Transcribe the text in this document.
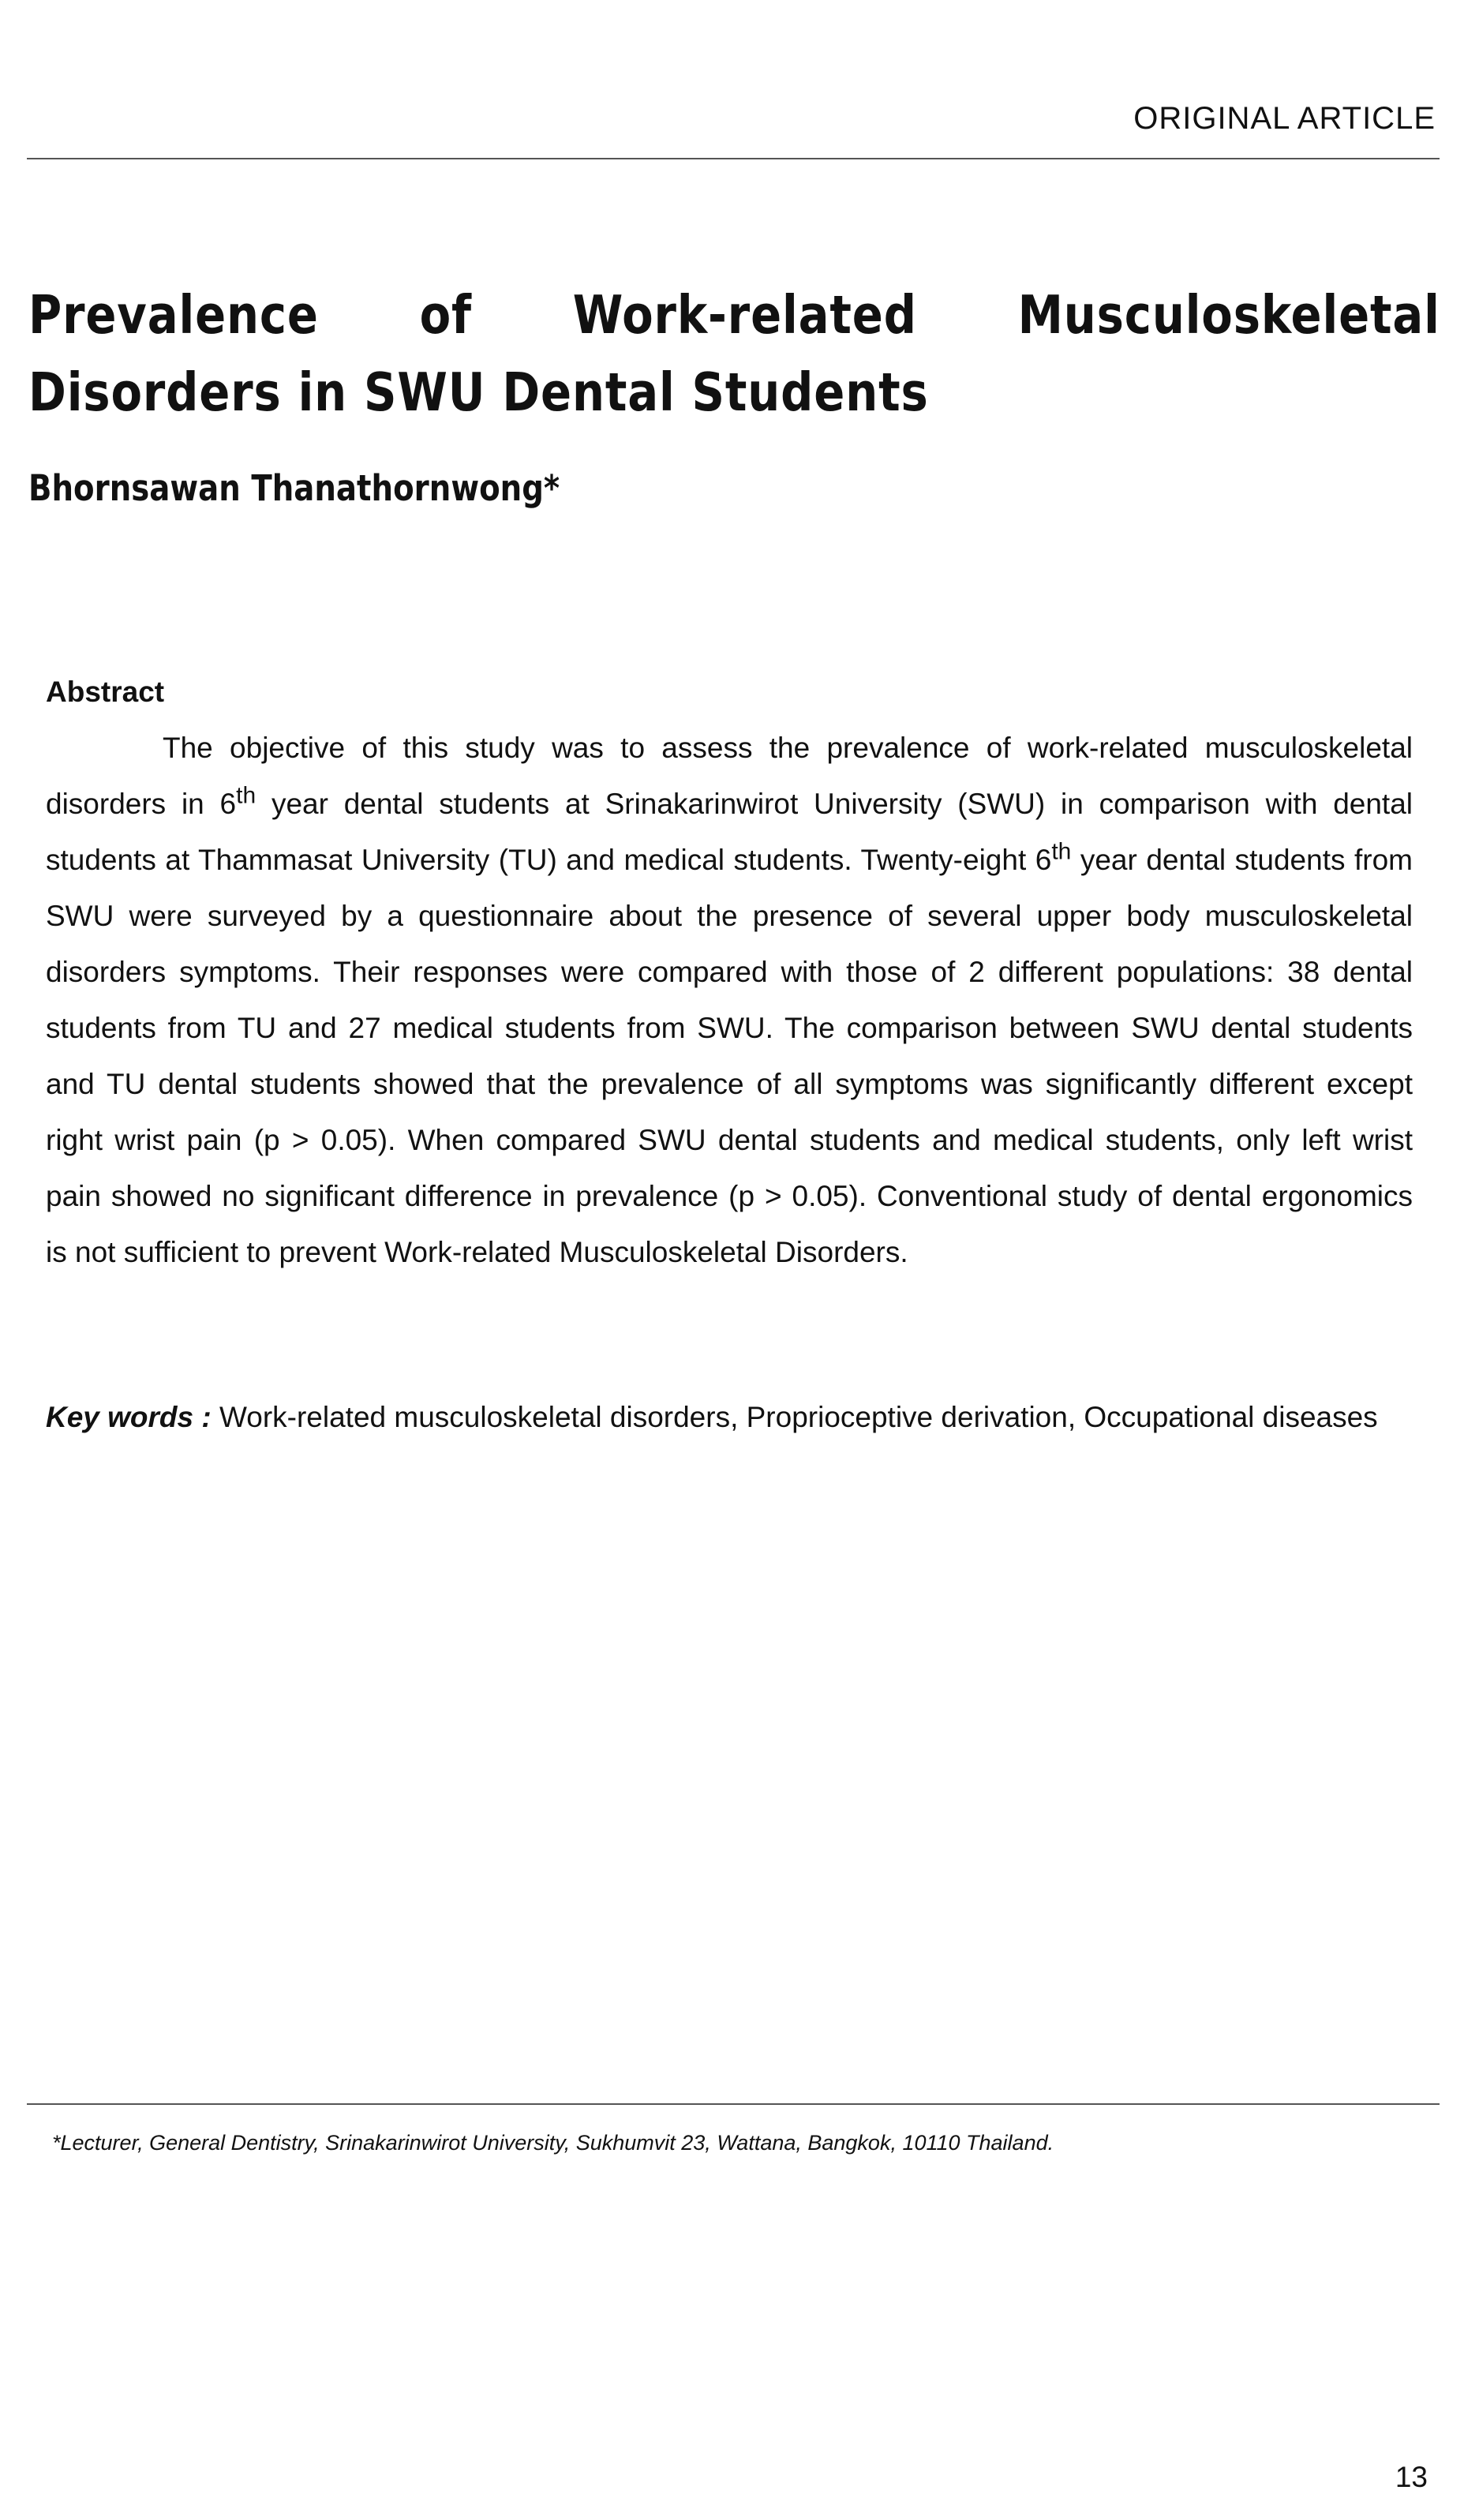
ORIGINAL ARTICLE
Prevalence of Work-related Musculoskeletal Disorders in SWU Dental Students
Bhornsawan Thanathornwong*
Abstract

The objective of this study was to assess the prevalence of work-related musculoskeletal disorders in 6th year dental students at Srinakarinwirot University (SWU) in comparison with dental students at Thammasat University (TU) and medical students. Twenty-eight 6th year dental students from SWU were surveyed by a questionnaire about the presence of several upper body musculoskeletal disorders symptoms. Their responses were compared with those of 2 different populations: 38 dental students from TU and 27 medical students from SWU. The comparison between SWU dental students and TU dental students showed that the prevalence of all symptoms was significantly different except right wrist pain (p > 0.05). When compared SWU dental students and medical students, only left wrist pain showed no significant difference in prevalence (p > 0.05). Conventional study of dental ergonomics is not sufficient to prevent Work-related Musculoskeletal Disorders.

Key words : Work-related musculoskeletal disorders, Proprioceptive derivation, Occupational diseases

*Lecturer, General Dentistry, Srinakarinwirot University, Sukhumvit 23, Wattana, Bangkok, 10110 Thailand.
13
